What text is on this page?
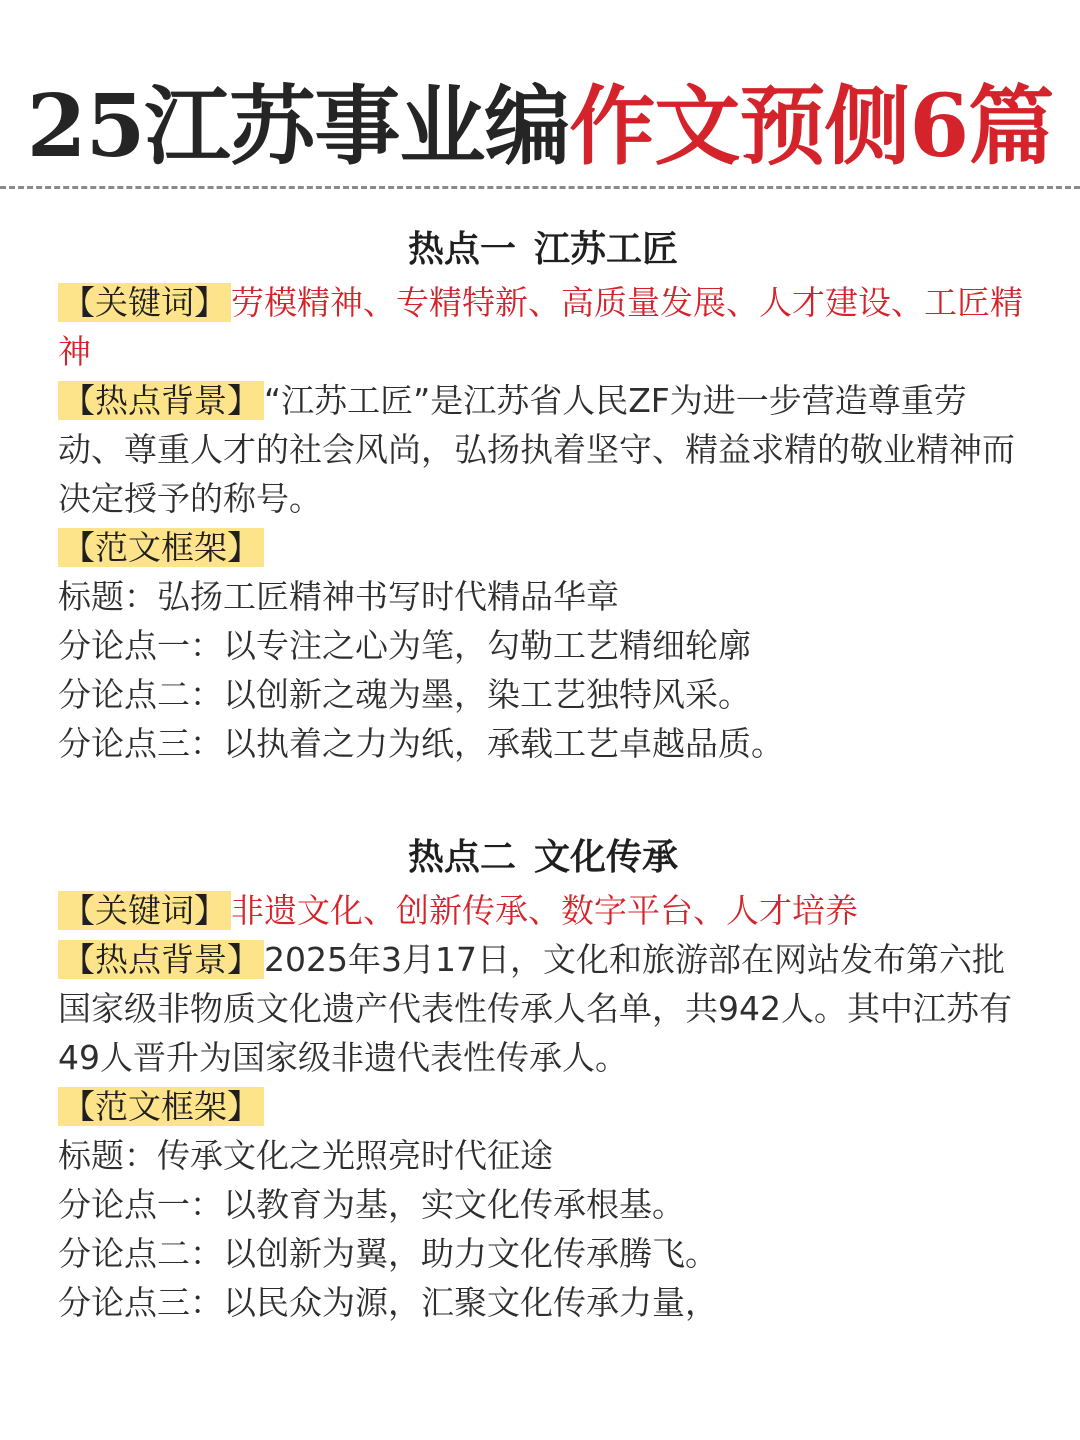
25江苏事业编作文预侧6篇
热点一 江苏工匠

【关键词】 劳模精神、专精特新、高质量发展、人才建设、工匠精神

【热点背景】 “江苏工匠”是江苏省人民ZF为进一步营造尊重劳动、尊重人才的社会风尚，弘扬执着坚守、精益求精的敬业精神而决定授予的称号。

【范文框架】

标题：弘扬工匠精神书写时代精品华章
分论点一：以专注之心为笔，勾勒工艺精细轮廓
分论点二：以创新之魂为墨，染工艺独特风采。
分论点三：以执着之力为纸，承载工艺卓越品质。
热点二 文化传承

【关键词】 非遗文化、创新传承、数字平台、人才培养

【热点背景】 2025年3月17日，文化和旅游部在网站发布第六批国家级非物质文化遗产代表性传承人名单，共942人。其中江苏有49人晋升为国家级非遗代表性传承人。

【范文框架】

标题：传承文化之光照亮时代征途
分论点一：以教育为基，实文化传承根基。
分论点二：以创新为翼，助力文化传承腾飞。
分论点三：以民众为源，汇聚文化传承力量，
